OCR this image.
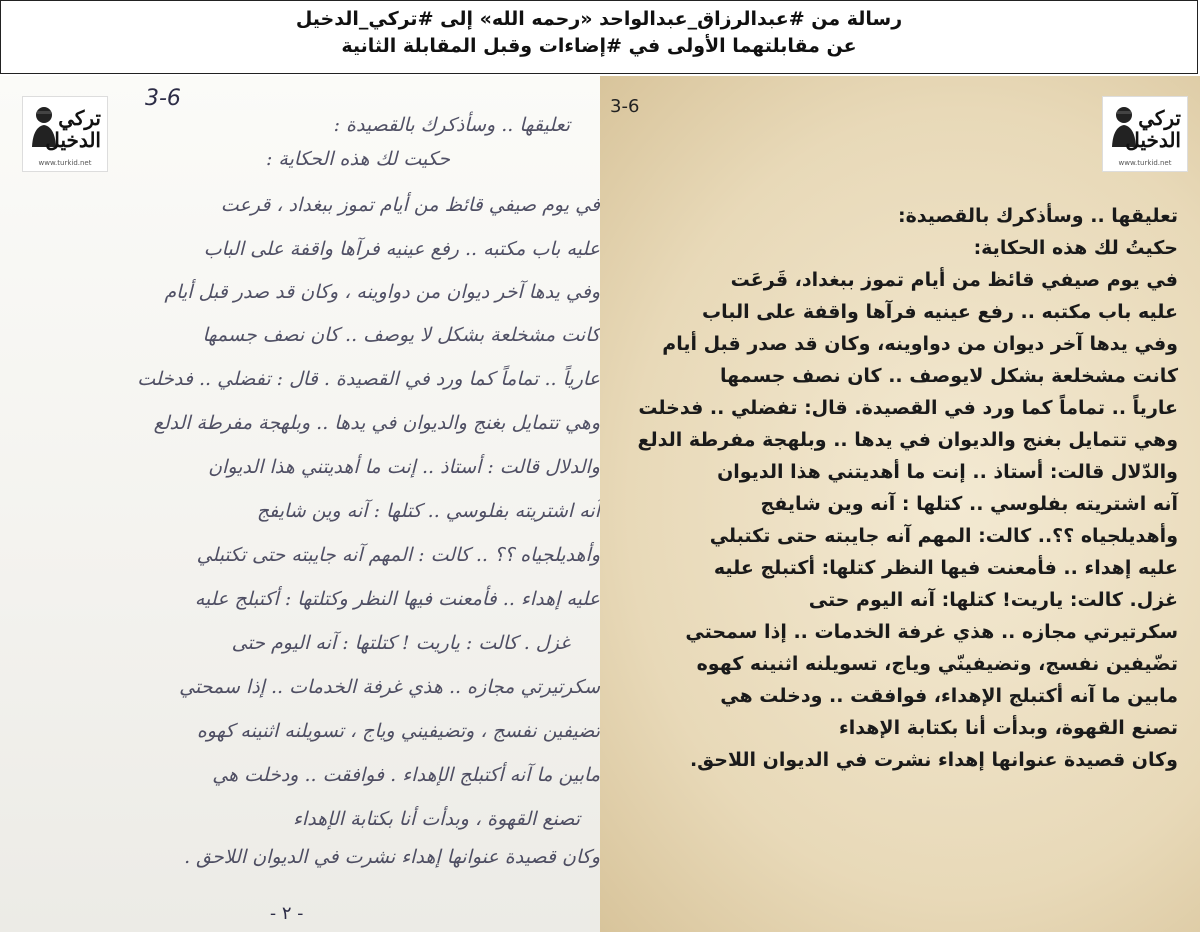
رسالة من #عبدالرزاق_عبدالواحد «رحمه الله» إلى #تركي_الدخيل
عن مقابلتهما الأولى في #إضاءات وقبل المقابلة الثانية
تركي
الدخيل
www.turkid.net
3-6
تعليقها .. وسأذكرك بالقصيدة :
حكيت لك هذه الحكاية :
في يوم صيفي قائظ من أيام تموز ببغداد ، قرعت
عليه باب مكتبه .. رفع عينيه فرآها واقفة على الباب
وفي يدها آخر ديوان من دواوينه ، وكان قد صدر قبل أيام
كانت مشخلعة بشكل لا يوصف .. كان نصف جسمها
عارياً .. تماماً كما ورد في القصيدة . قال : تفضلي .. فدخلت
وهي تتمايل بغنج والديوان في يدها .. وبلهجة مفرطة الدلع
والدلال قالت : أستاذ .. إنت ما أهديتني هذا الديوان
آنه اشتريته بفلوسي .. كتلها : آنه وين شايفج
وأهديلجياه ؟؟ .. كالت : المهم آنه جايبته حتى تكتبلي
عليه إهداء .. فأمعنت فيها النظر وكتلتها : أكتبلج عليه
غزل . كالت : ياريت ! كتلتها : آنه اليوم حتى
سكرتيرتي مجازه .. هذي غرفة الخدمات .. إذا سمحتي
تضيفين نفسج ، وتضيفيني وياج ، تسويلنه اثنينه كهوه
مابين ما آنه أكتبلج الإهداء . فوافقت .. ودخلت هي
تصنع القهوة ، وبدأت أنا بكتابة الإهداء
وكان قصيدة عنوانها إهداء نشرت في الديوان اللاحق .
- ٢ -
3-6	تركي
الدخيل
www.turkid.net
تعليقها .. وسأذكرك بالقصيدة:
حكيتُ لك هذه الحكاية:
في يوم صيفي قائظ من أيام تموز ببغداد، قَرعَت
عليه باب مكتبه .. رفع عينيه فرآها واقفة على الباب
وفي يدها آخر ديوان من دواوينه، وكان قد صدر قبل أيام
كانت مشخلعة بشكل لايوصف .. كان نصف جسمها
عارياً .. تماماً كما ورد في القصيدة. قال: تفضلي .. فدخلت
وهي تتمايل بغنج والديوان في يدها .. وبلهجة مفرطة الدلع
والدّلال قالت: أستاذ .. إنت ما أهديتني هذا الديوان
آنه اشتريته بفلوسي .. كتلها : آنه وين شايفج
وأهديلجياه ؟؟.. كالت: المهم آنه جايبته حتى تكتبلي
عليه إهداء .. فأمعنت فيها النظر كتلها: أكتبلج عليه
غزل. كالت: ياريت! كتلها: آنه اليوم حتى
سكرتيرتي مجازه .. هذي غرفة الخدمات .. إذا سمحتي
تضّيفين نفسج، وتضيفينّي وياج، تسويلنه اثنينه كهوه
مابين ما آنه أكتبلج الإهداء، فوافقت .. ودخلت هي
تصنع القهوة، وبدأت أنا بكتابة الإهداء
وكان قصيدة عنوانها إهداء نشرت في الديوان اللاحق.
